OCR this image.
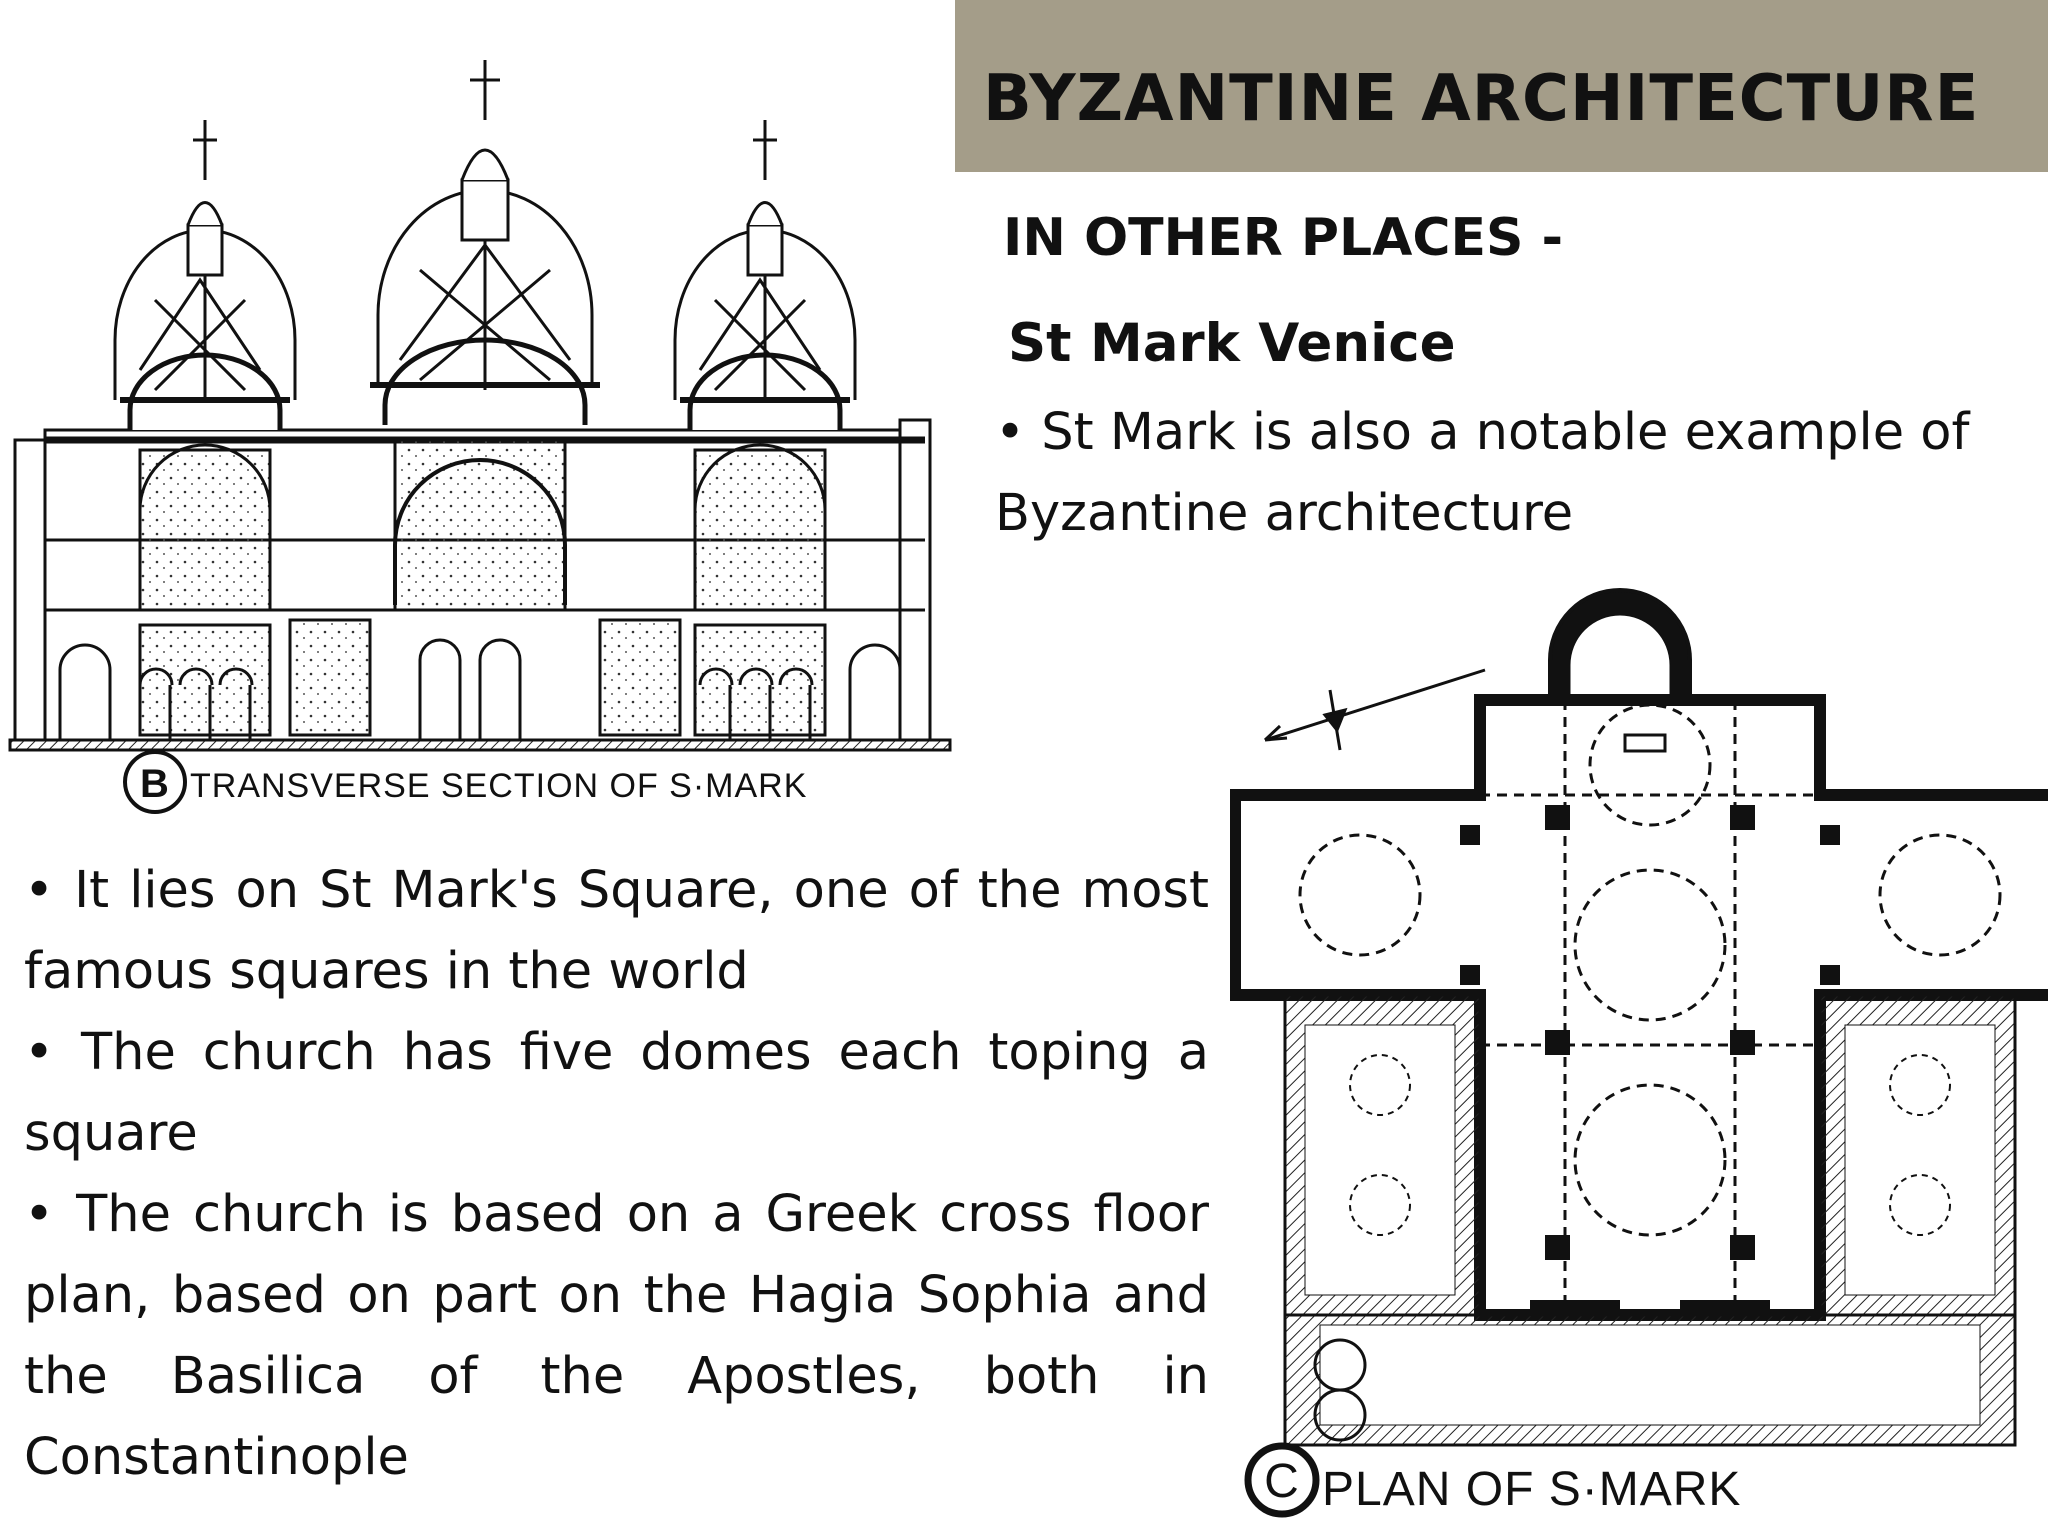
BYZANTINE ARCHITECTURE
IN OTHER PLACES -
St Mark Venice
• St Mark is also a notable example of Byzantine architecture

• It lies on St Mark's Square, one of the most famous squares in the world

• The church has five domes each toping a square

• The church is based on a Greek cross floor plan, based on part on the Hagia Sophia and the Basilica of the Apostles, both in Constantinople

B TRANSVERSE SECTION OF S·MARK
C PLAN OF S·MARK
